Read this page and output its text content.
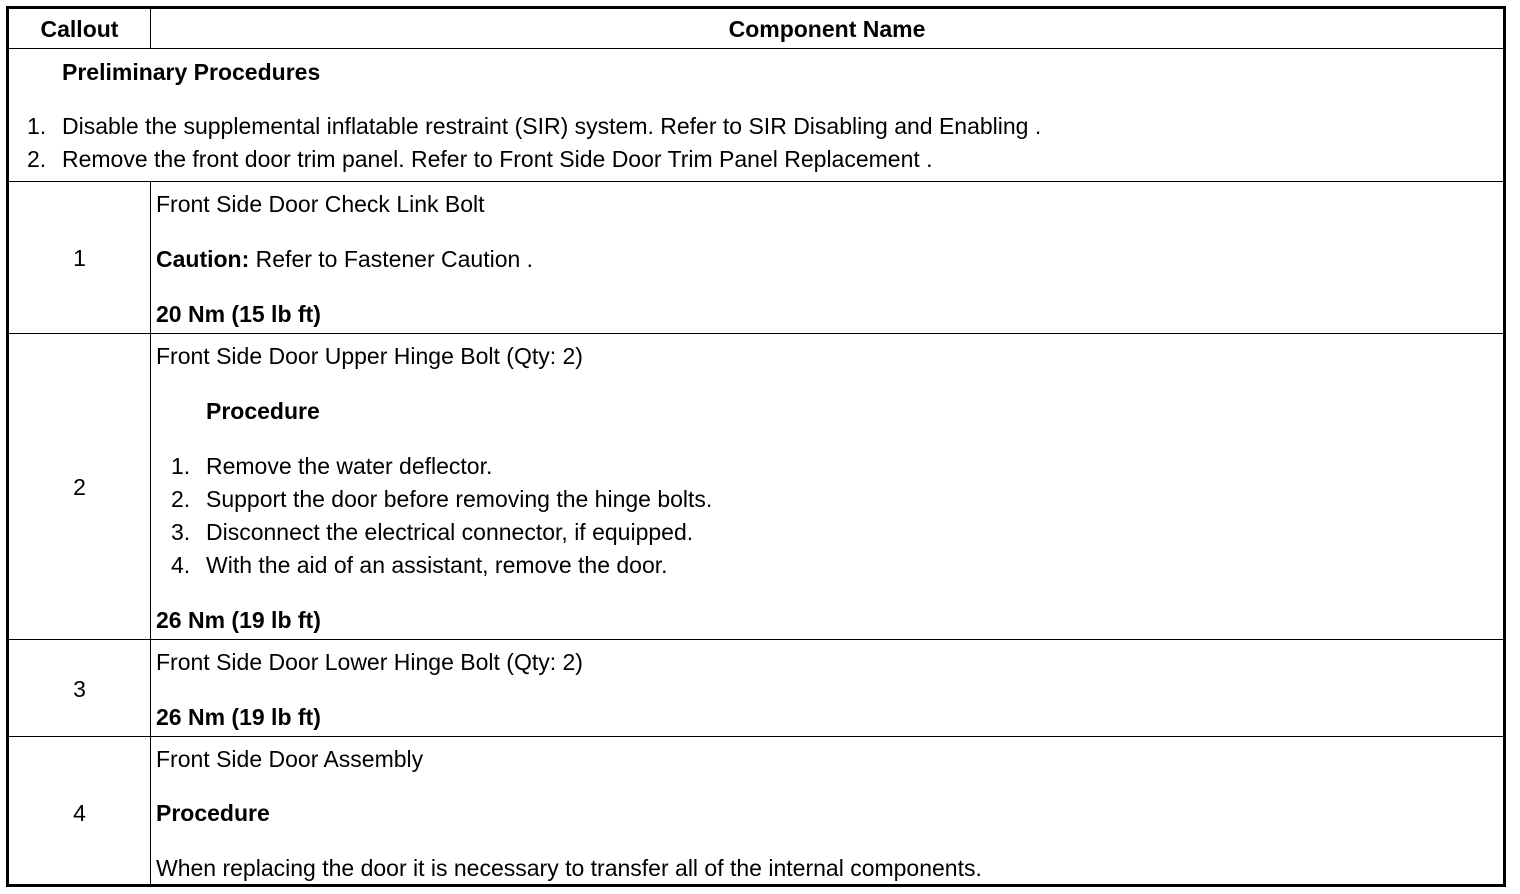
Callout	Component Name
Preliminary Procedures
1. Disable the supplemental inflatable restraint (SIR) system. Refer to SIR Disabling and Enabling .
2. Remove the front door trim panel. Refer to Front Side Door Trim Panel Replacement .
1
Front Side Door Check Link Bolt
Caution: Refer to Fastener Caution .
20 Nm (15 lb ft)
2
Front Side Door Upper Hinge Bolt (Qty: 2)
Procedure
1. Remove the water deflector.
2. Support the door before removing the hinge bolts.
3. Disconnect the electrical connector, if equipped.
4. With the aid of an assistant, remove the door.
26 Nm (19 lb ft)
3
Front Side Door Lower Hinge Bolt (Qty: 2)
26 Nm (19 lb ft)
4
Front Side Door Assembly
Procedure
When replacing the door it is necessary to transfer all of the internal components.
